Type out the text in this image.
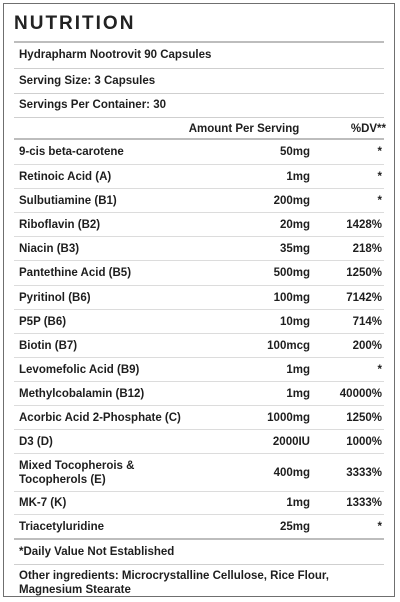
NUTRITION
Hydrapharm Nootrovit 90 Capsules
Serving Size: 3 Capsules
Servings Per Container: 30
Amount Per Serving	%DV**
9-cis beta-carotene	50mg	*
Retinoic Acid (A)	1mg	*
Sulbutiamine (B1)	200mg	*
Riboflavin (B2)	20mg	1428%
Niacin (B3)	35mg	218%
Pantethine Acid (B5)	500mg	1250%
Pyritinol (B6)	100mg	7142%
P5P (B6)	10mg	714%
Biotin (B7)	100mcg	200%
Levomefolic Acid (B9)	1mg	*
Methylcobalamin (B12)	1mg	40000%
Acorbic Acid 2-Phosphate (C)	1000mg	1250%
D3 (D)	2000IU	1000%
Mixed Tocopherois & Tocopherols (E)
400mg	3333%
MK-7 (K)	1mg	1333%
Triacetyluridine	25mg	*
*Daily Value Not Established
Other ingredients: Microcrystalline Cellulose, Rice Flour, Magnesium Stearate
